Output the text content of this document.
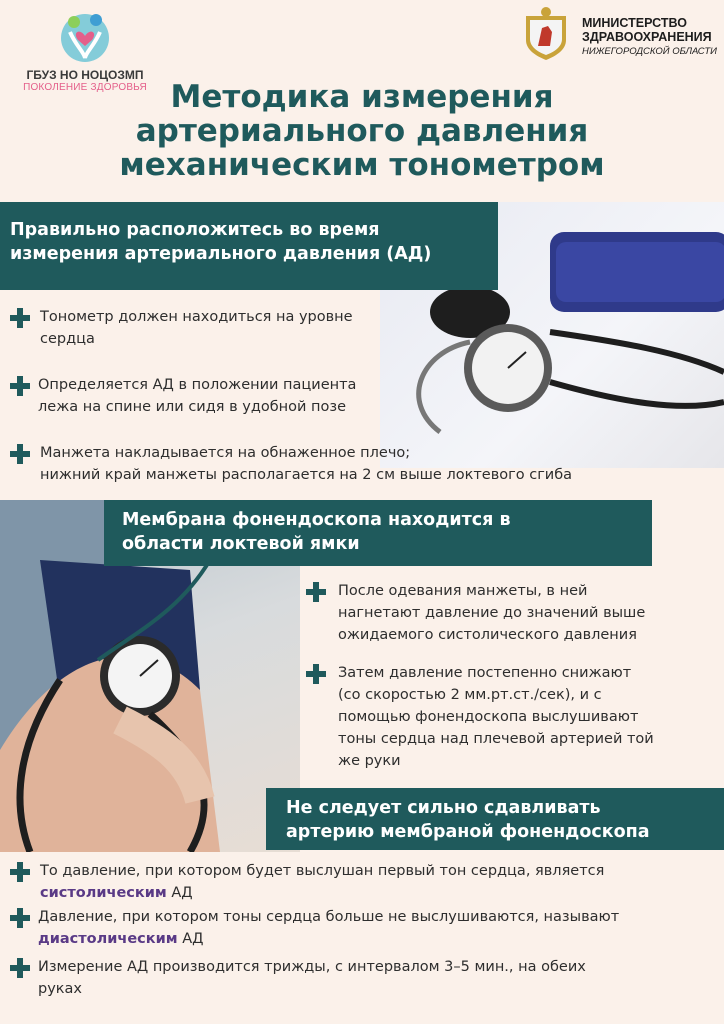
ГБУЗ НО НОЦОЗМП
ПОКОЛЕНИЕ ЗДОРОВЬЯ
МИНИСТЕРСТВО
ЗДРАВООХРАНЕНИЯ
НИЖЕГОРОДСКОЙ ОБЛАСТИ
Методика измерения
артериального давления
механическим тонометром
Правильно расположитесь во время
измерения артериального давления (АД)
Тонометр должен находиться на уровне
сердца
Определяется АД в положении пациента
лежа на спине или сидя в удобной позе
Манжета накладывается на обнаженное плечо;
нижний край манжеты располагается на 2 см выше локтевого сгиба
Мембрана фонендоскопа находится в
области локтевой ямки
После одевания манжеты, в ней
нагнетают давление до значений выше
ожидаемого систолического давления
Затем давление постепенно снижают
(со скоростью 2 мм.рт.ст./сек), и с
помощью фонендоскопа выслушивают
тоны сердца над плечевой артерией той
же руки
Не следует сильно сдавливать
артерию мембраной фонендоскопа
То давление, при котором будет выслушан первый тон сердца, является
систолическим АД
Давление, при котором тоны сердца больше не выслушиваются, называют
диастолическим АД
Измерение АД производится трижды, с интервалом 3–5 мин., на обеих
руках
